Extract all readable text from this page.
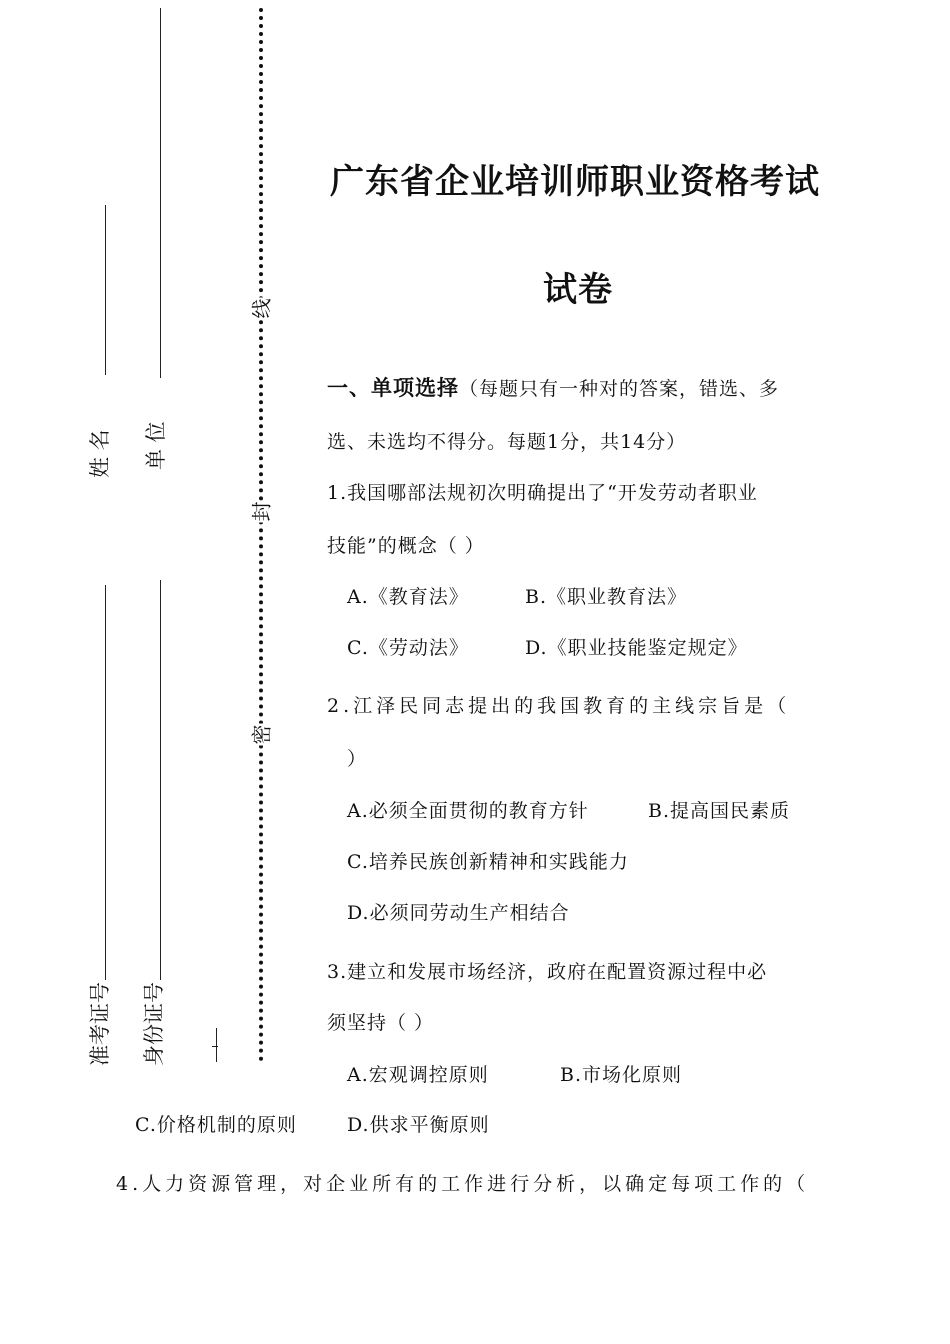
姓 名 单 位
准考证号 身份证号
线
封
密
广东省企业培训师职业资格考试
试卷
一、单项选择（每题只有一种对的答案，错选、多
选、未选均不得分。每题1分，共14分）
1.我国哪部法规初次明确提出了“开发劳动者职业
技能”的概念（ ）
A.《教育法》	B.《职业教育法》
C.《劳动法》	D.《职业技能鉴定规定》
2.江泽民同志提出的我国教育的主线宗旨是（
）
A.必须全面贯彻的教育方针	B.提高国民素质
C.培养民族创新精神和实践能力
D.必须同劳动生产相结合
3.建立和发展市场经济，政府在配置资源过程中必
须坚持（ ）
A.宏观调控原则	B.市场化原则
C.价格机制的原则	D.供求平衡原则
4.人力资源管理，对企业所有的工作进行分析，以确定每项工作的（
